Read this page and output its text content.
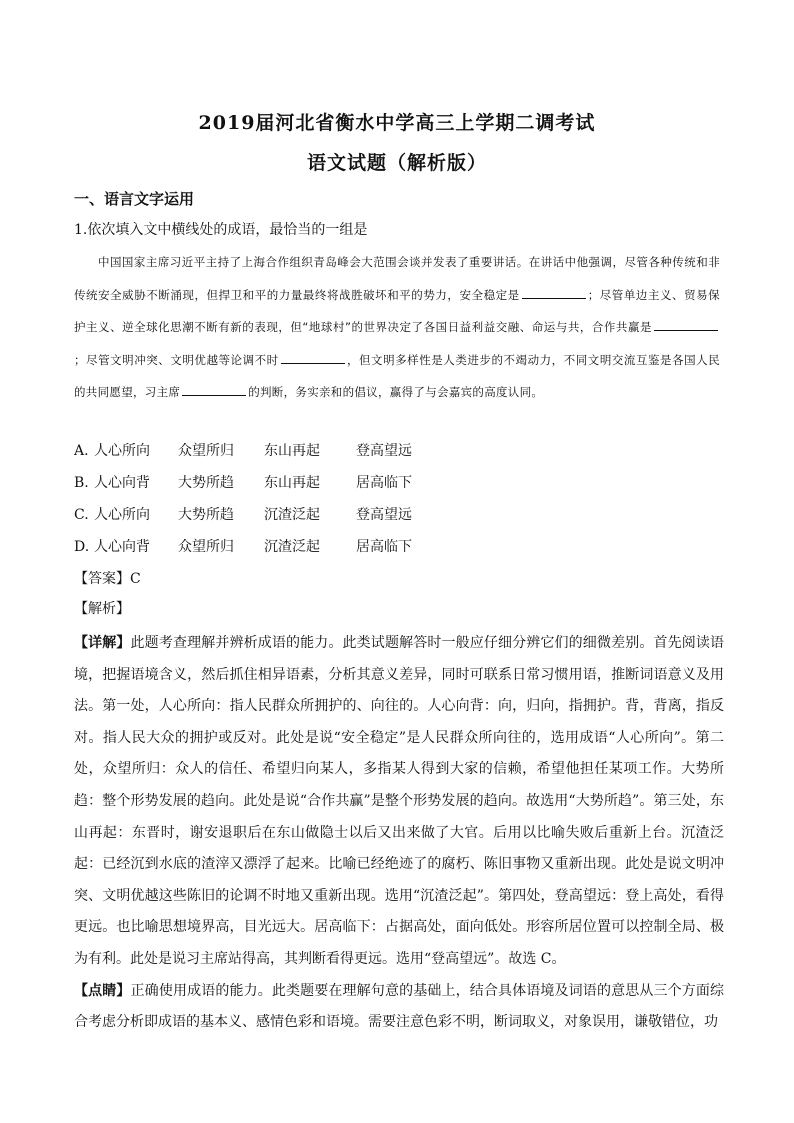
2019届河北省衡水中学高三上学期二调考试
语文试题（解析版）
一、语言文字运用
1.依次填入文中横线处的成语，最恰当的一组是

中国国家主席习近平主持了上海合作组织青岛峰会大范围会谈并发表了重要讲话。在讲话中他强调，尽管各种传统和非传统安全威胁不断涌现，但捍卫和平的力量最终将战胜破坏和平的势力，安全稳定是	；尽管单边主义、贸易保护主义、逆全球化思潮不断有新的表现，但“地球村”的世界决定了各国日益利益交融、命运与共，合作共赢是；尽管文明冲突、文明优越等论调不时	，但文明多样性是人类进步的不竭动力，不同文明交流互鉴是各国人民的共同愿望，习主席	的判断，务实亲和的倡议，赢得了与会嘉宾的高度认同。

A. 人心所向	众望所归	东山再起	登高望远
B. 人心向背	大势所趋	东山再起	居高临下
C. 人心所向	大势所趋	沉渣泛起	登高望远
D. 人心向背	众望所归	沉渣泛起	居高临下
【答案】C
【解析】

【详解】此题考查理解并辨析成语的能力。此类试题解答时一般应仔细分辨它们的细微差别。首先阅读语境，把握语境含义，然后抓住相异语素，分析其意义差异，同时可联系日常习惯用语，推断词语意义及用法。第一处，人心所向：指人民群众所拥护的、向往的。人心向背：向，归向，指拥护。背，背离，指反对。指人民大众的拥护或反对。此处是说“安全稳定”是人民群众所向往的，选用成语“人心所向”。第二处，众望所归：众人的信任、希望归向某人，多指某人得到大家的信赖，希望他担任某项工作。大势所趋：整个形势发展的趋向。此处是说“合作共赢”是整个形势发展的趋向。故选用“大势所趋”。第三处，东山再起：东晋时，谢安退职后在东山做隐士以后又出来做了大官。后用以比喻失败后重新上台。沉渣泛起：已经沉到水底的渣滓又漂浮了起来。比喻已经绝迹了的腐朽、陈旧事物又重新出现。此处是说文明冲突、文明优越这些陈旧的论调不时地又重新出现。选用“沉渣泛起”。第四处，登高望远：登上高处，看得更远。也比喻思想境界高，目光远大。居高临下：占据高处，面向低处。形容所居位置可以控制全局、极为有利。此处是说习主席站得高，其判断看得更远。选用“登高望远”。故选 C。

【点睛】正确使用成语的能力。此类题要在理解句意的基础上，结合具体语境及词语的意思从三个方面综合考虑分析即成语的基本义、感情色彩和语境。需要注意色彩不明，断词取义，对象误用，谦敬错位，功
